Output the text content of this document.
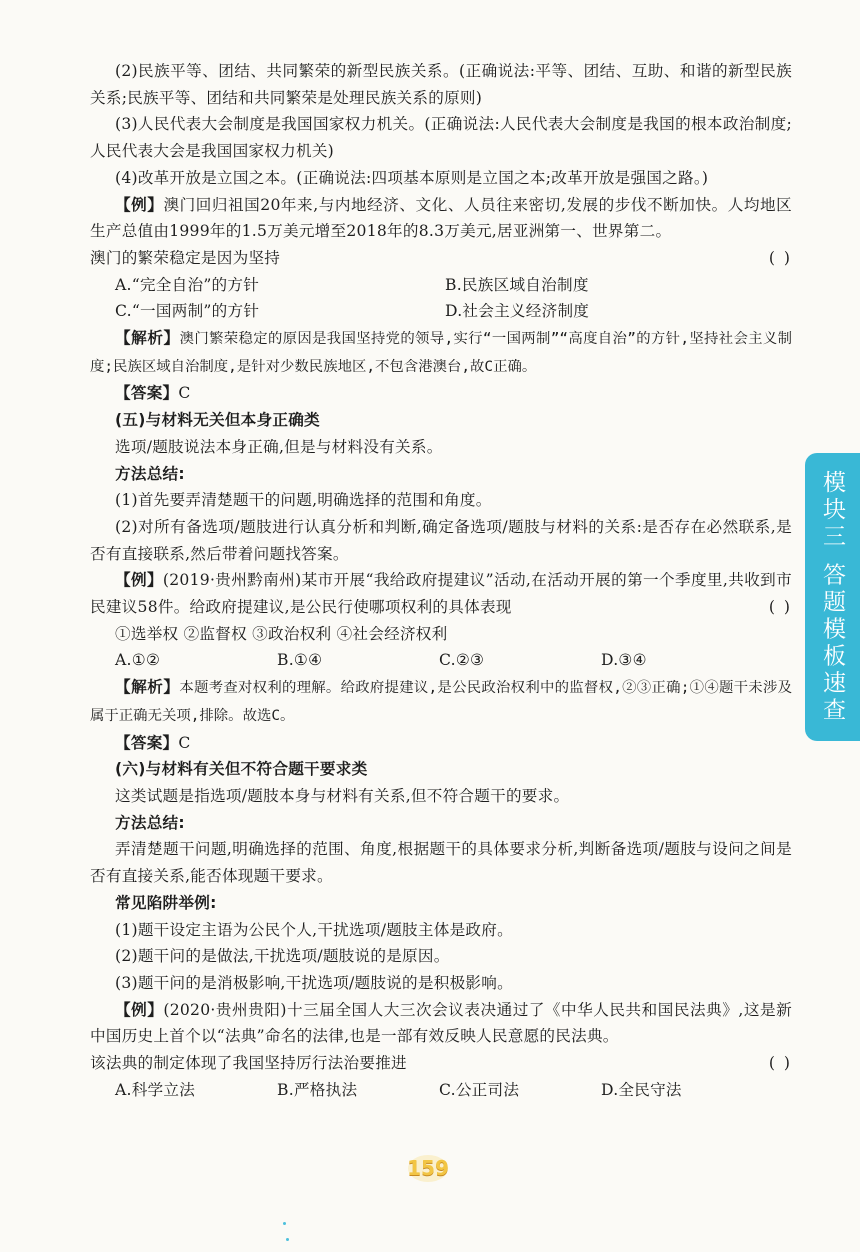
(2)民族平等、团结、共同繁荣的新型民族关系。(正确说法:平等、团结、互助、和谐的新型民族关系;民族平等、团结和共同繁荣是处理民族关系的原则)

(3)人民代表大会制度是我国国家权力机关。(正确说法:人民代表大会制度是我国的根本政治制度;人民代表大会是我国国家权力机关)

(4)改革开放是立国之本。(正确说法:四项基本原则是立国之本;改革开放是强国之路。)

【例】澳门回归祖国20年来,与内地经济、文化、人员往来密切,发展的步伐不断加快。人均地区生产总值由1999年的1.5万美元增至2018年的8.3万美元,居亚洲第一、世界第二。

澳门的繁荣稳定是因为坚持	( )
A.“完全自治”的方针	B.民族区域自治制度
C.“一国两制”的方针	D.社会主义经济制度

【解析】澳门繁荣稳定的原因是我国坚持党的领导,实行“一国两制”“高度自治”的方针,坚持社会主义制度;民族区域自治制度,是针对少数民族地区,不包含港澳台,故C正确。

【答案】C

(五)与材料无关但本身正确类

选项/题肢说法本身正确,但是与材料没有关系。

方法总结:

(1)首先要弄清楚题干的问题,明确选择的范围和角度。

(2)对所有备选项/题肢进行认真分析和判断,确定备选项/题肢与材料的关系:是否存在必然联系,是否有直接联系,然后带着问题找答案。

【例】(2019·贵州黔南州)某市开展“我给政府提建议”活动,在活动开展的第一个季度里,共收到市民建议58件。给政府提建议,是公民行使哪项权利的具体表现	( )

①选举权 ②监督权 ③政治权利 ④社会经济权利
A.①②	B.①④	C.②③	D.③④

【解析】本题考查对权利的理解。给政府提建议,是公民政治权利中的监督权,②③正确;①④题干未涉及属于正确无关项,排除。故选C。

【答案】C

(六)与材料有关但不符合题干要求类

这类试题是指选项/题肢本身与材料有关系,但不符合题干的要求。

方法总结:

弄清楚题干问题,明确选择的范围、角度,根据题干的具体要求分析,判断备选项/题肢与设问之间是否有直接关系,能否体现题干要求。

常见陷阱举例:

(1)题干设定主语为公民个人,干扰选项/题肢主体是政府。

(2)题干问的是做法,干扰选项/题肢说的是原因。

(3)题干问的是消极影响,干扰选项/题肢说的是积极影响。

【例】(2020·贵州贵阳)十三届全国人大三次会议表决通过了《中华人民共和国民法典》,这是新中国历史上首个以“法典”命名的法律,也是一部有效反映人民意愿的民法典。

该法典的制定体现了我国坚持厉行法治要推进	( )
A.科学立法	B.严格执法	C.公正司法	D.全民守法
模块三 答题模板速查
159
